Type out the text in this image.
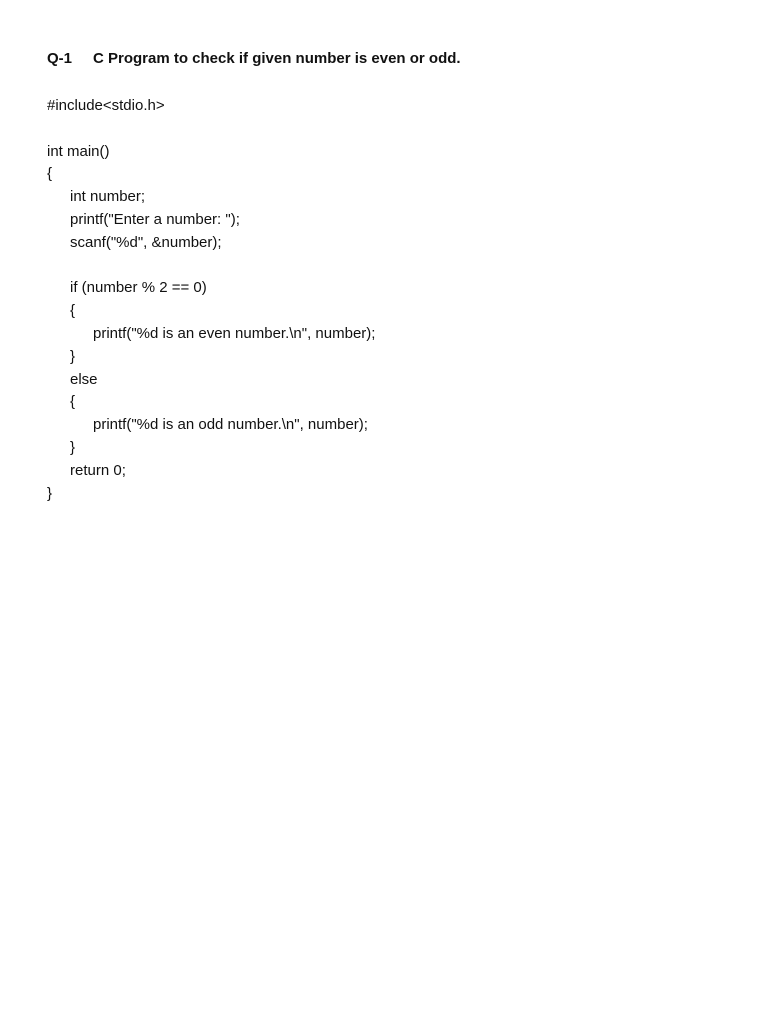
Q-1 C Program to check if given number is even or odd.
#include<stdio.h>
int main()
{
int number;
printf("Enter a number: ");
scanf("%d", &number);
if (number % 2 == 0)
{
printf("%d is an even number.\n", number);
}
else
{
printf("%d is an odd number.\n", number);
}
return 0;
}
